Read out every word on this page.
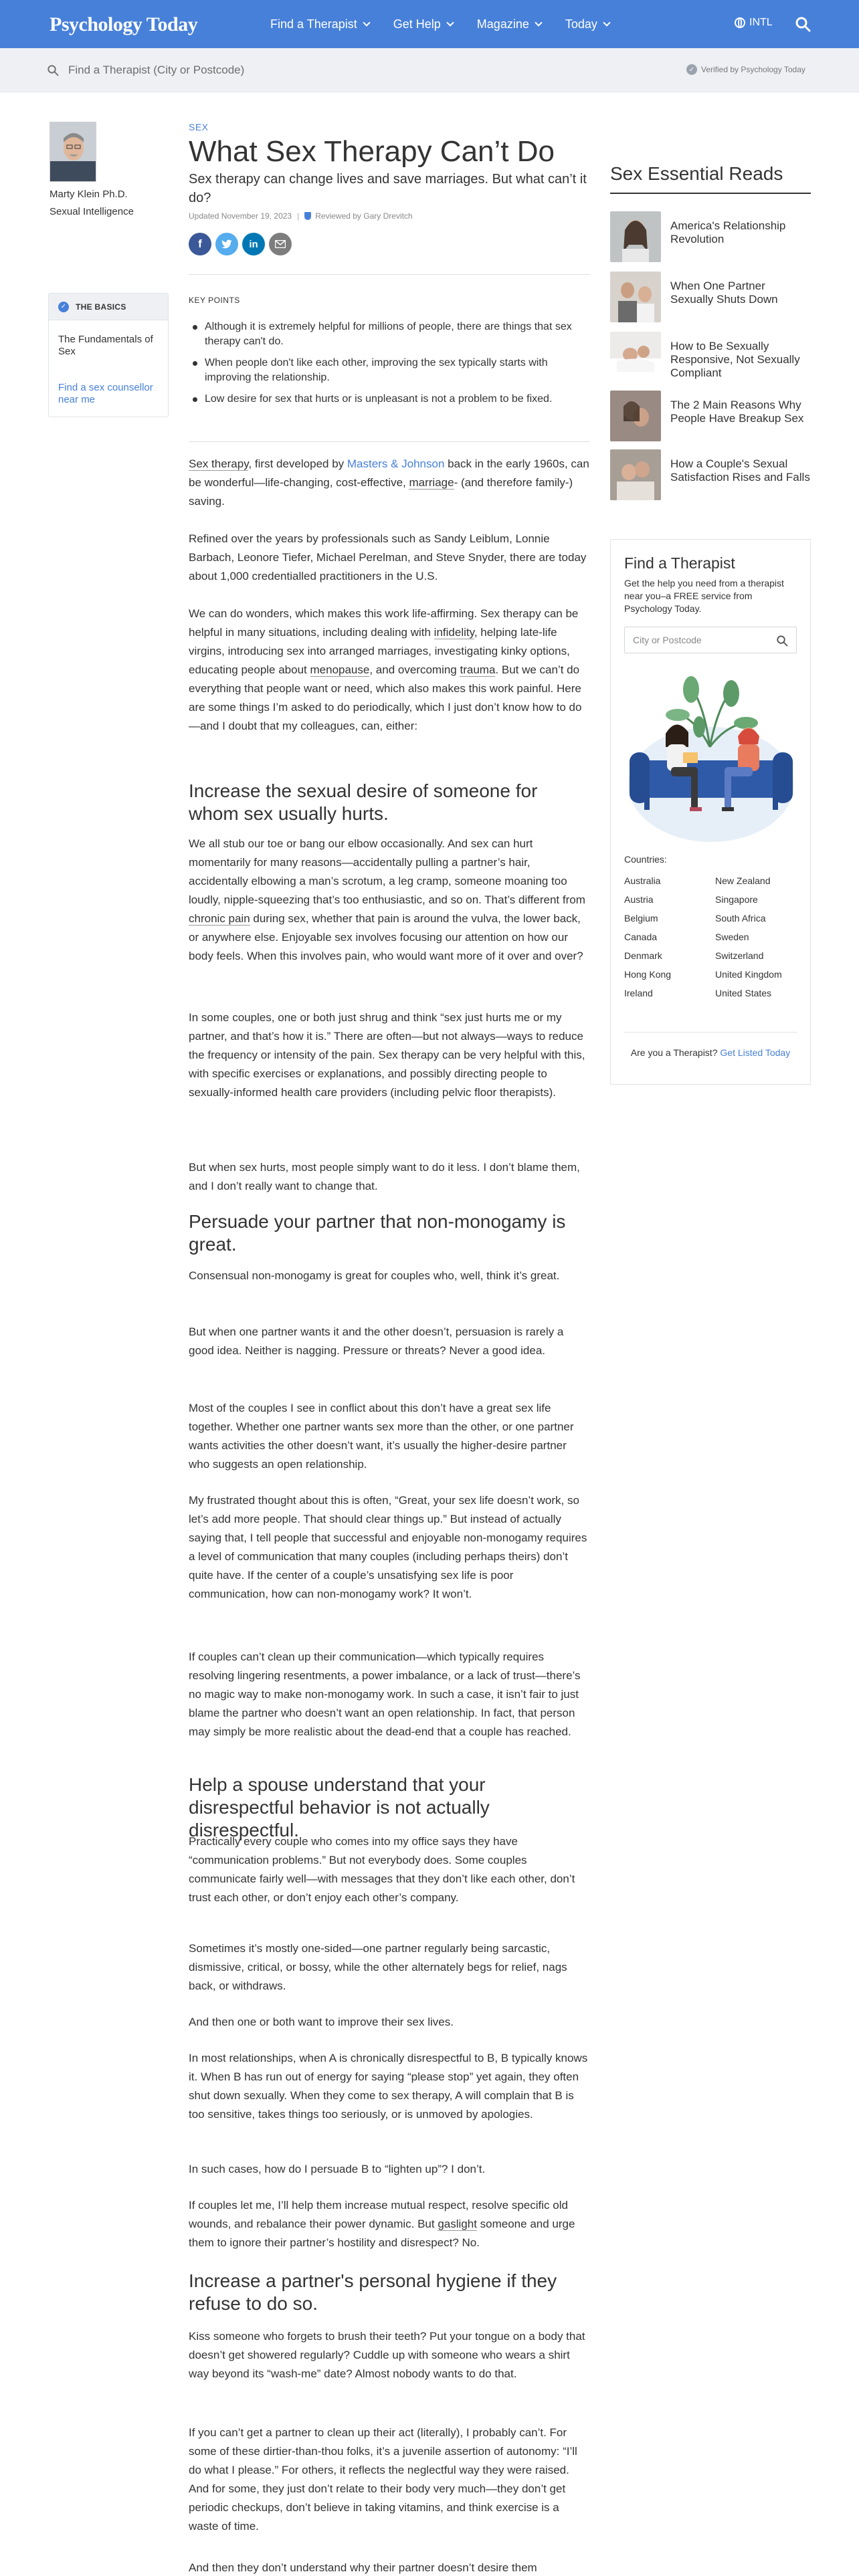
Psychology Today	Find a Therapist	Get Help	Magazine	Today	INTL
Find a Therapist (City or Postcode)	✓ Verified by Psychology Today
Marty Klein Ph.D.
Sexual Intelligence
✓	THE BASICS
The Fundamentals of Sex
Find a sex counsellor near me
SEX
What Sex Therapy Can’t Do
Sex therapy can change lives and save marriages. But what can’t it do?
Updated November 19, 2023 | Reviewed by Gary Drevitch
f	in
KEY POINTS
Although it is extremely helpful for millions of people, there are things that sex therapy can't do.
When people don't like each other, improving the sex typically starts with improving the relationship.
Low desire for sex that hurts or is unpleasant is not a problem to be fixed.

Sex therapy, first developed by Masters & Johnson back in the early 1960s, can be wonderful—life-changing, cost-effective, marriage- (and therefore family-) saving.

Refined over the years by professionals such as Sandy Leiblum, Lonnie Barbach, Leonore Tiefer, Michael Perelman, and Steve Snyder, there are today about 1,000 credentialled practitioners in the U.S.

We can do wonders, which makes this work life-affirming. Sex therapy can be helpful in many situations, including dealing with infidelity, helping late-life virgins, introducing sex into arranged marriages, investigating kinky options, educating people about menopause, and overcoming trauma. But we can’t do everything that people want or need, which also makes this work painful. Here are some things I’m asked to do periodically, which I just don’t know how to do—and I doubt that my colleagues, can, either:

Increase the sexual desire of someone for whom sex usually hurts.

We all stub our toe or bang our elbow occasionally. And sex can hurt momentarily for many reasons—accidentally pulling a partner’s hair, accidentally elbowing a man’s scrotum, a leg cramp, someone moaning too loudly, nipple-squeezing that’s too enthusiastic, and so on. That’s different from chronic pain during sex, whether that pain is around the vulva, the lower back, or anywhere else. Enjoyable sex involves focusing our attention on how our body feels. When this involves pain, who would want more of it over and over?

In some couples, one or both just shrug and think “sex just hurts me or my partner, and that’s how it is.” There are often—but not always—ways to reduce the frequency or intensity of the pain. Sex therapy can be very helpful with this, with specific exercises or explanations, and possibly directing people to sexually-informed health care providers (including pelvic floor therapists).

But when sex hurts, most people simply want to do it less. I don’t blame them, and I don’t really want to change that.

Persuade your partner that non-monogamy is great.

Consensual non-monogamy is great for couples who, well, think it’s great.

But when one partner wants it and the other doesn’t, persuasion is rarely a good idea. Neither is nagging. Pressure or threats? Never a good idea.

Most of the couples I see in conflict about this don’t have a great sex life together. Whether one partner wants sex more than the other, or one partner wants activities the other doesn’t want, it’s usually the higher-desire partner who suggests an open relationship.

My frustrated thought about this is often, “Great, your sex life doesn’t work, so let’s add more people. That should clear things up.” But instead of actually saying that, I tell people that successful and enjoyable non-monogamy requires a level of communication that many couples (including perhaps theirs) don’t quite have. If the center of a couple’s unsatisfying sex life is poor communication, how can non-monogamy work? It won’t.

If couples can’t clean up their communication—which typically requires resolving lingering resentments, a power imbalance, or a lack of trust—there’s no magic way to make non-monogamy work. In such a case, it isn’t fair to just blame the partner who doesn’t want an open relationship. In fact, that person may simply be more realistic about the dead-end that a couple has reached.

Help a spouse understand that your disrespectful behavior is not actually disrespectful.

Practically every couple who comes into my office says they have “communication problems.” But not everybody does. Some couples communicate fairly well—with messages that they don’t like each other, don’t trust each other, or don’t enjoy each other’s company.

Sometimes it’s mostly one-sided—one partner regularly being sarcastic, dismissive, critical, or bossy, while the other alternately begs for relief, nags back, or withdraws.

And then one or both want to improve their sex lives.

In most relationships, when A is chronically disrespectful to B, B typically knows it. When B has run out of energy for saying “please stop” yet again, they often shut down sexually. When they come to sex therapy, A will complain that B is too sensitive, takes things too seriously, or is unmoved by apologies.

In such cases, how do I persuade B to “lighten up”? I don’t.

If couples let me, I’ll help them increase mutual respect, resolve specific old wounds, and rebalance their power dynamic. But gaslight someone and urge them to ignore their partner’s hostility and disrespect? No.

Increase a partner's personal hygiene if they refuse to do so.

Kiss someone who forgets to brush their teeth? Put your tongue on a body that doesn’t get showered regularly? Cuddle up with someone who wears a shirt way beyond its “wash-me” date? Almost nobody wants to do that.

If you can’t get a partner to clean up their act (literally), I probably can’t. For some of these dirtier-than-thou folks, it’s a juvenile assertion of autonomy: “I’ll do what I please.” For others, it reflects the neglectful way they were raised. And for some, they just don’t relate to their body very much—they don’t get periodic checkups, don’t believe in taking vitamins, and think exercise is a waste of time.

And then they don’t understand why their partner doesn’t desire them

Sex Essential Reads
America's Relationship Revolution
When One Partner Sexually Shuts Down
How to Be Sexually Responsive, Not Sexually Compliant
The 2 Main Reasons Why People Have Breakup Sex
How a Couple's Sexual Satisfaction Rises and Falls
Find a Therapist
Get the help you need from a therapist near you–a FREE service from Psychology Today.
City or Postcode
Countries:
Australia	New Zealand
Austria	Singapore
Belgium	South Africa
Canada	Sweden
Denmark	Switzerland
Hong Kong	United Kingdom
Ireland	United States
Are you a Therapist? Get Listed Today
